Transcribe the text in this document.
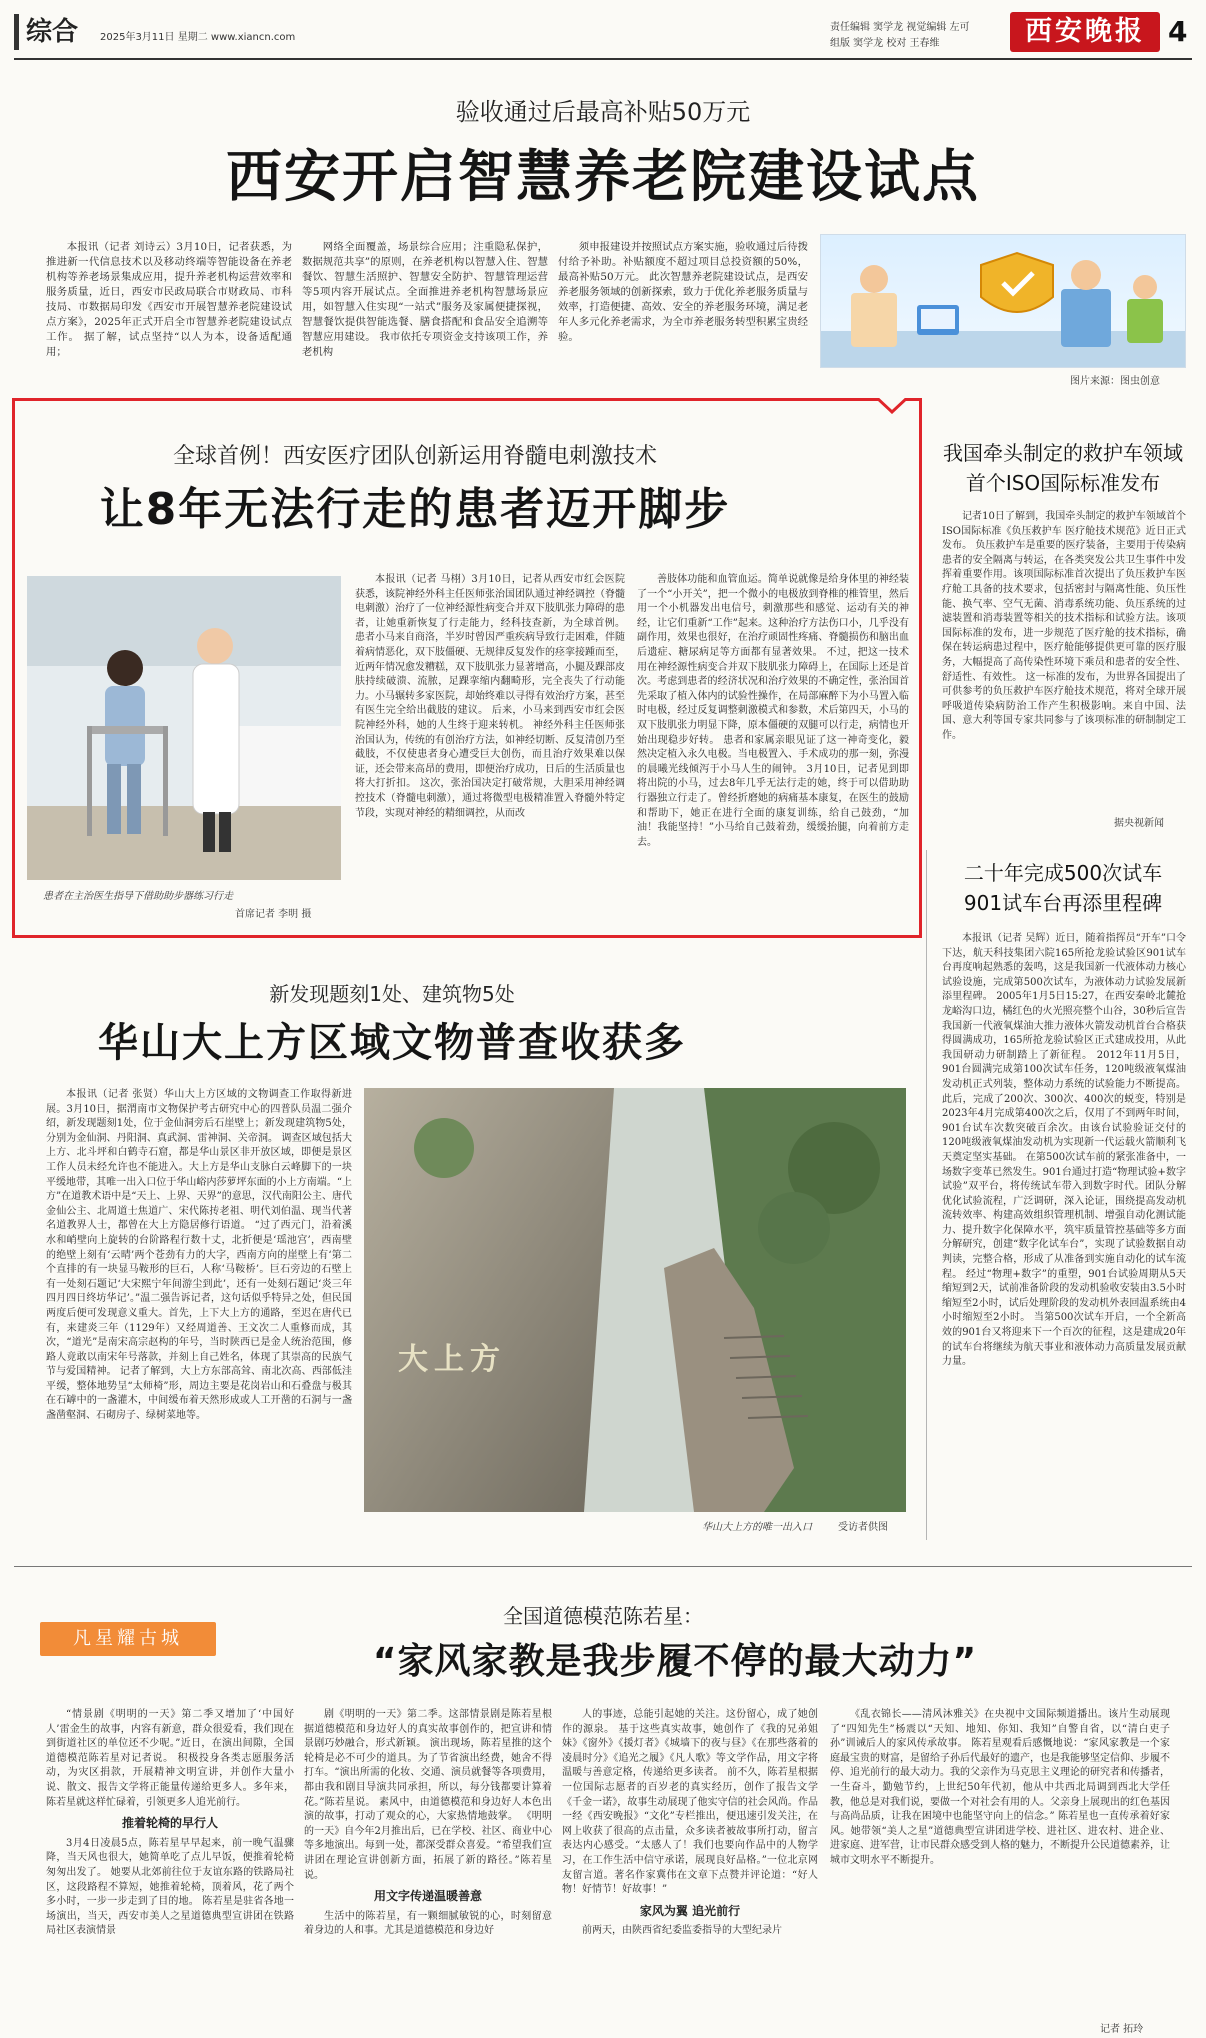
综合 2025年3月11日 星期二 www.xiancn.com
责任编辑 窦学龙 视觉编辑 左可
组版 窦学龙 校对 王春维	西安晚报 4
验收通过后最高补贴50万元
西安开启智慧养老院建设试点

本报讯（记者 刘诗云）3月10日，记者获悉，为推进新一代信息技术以及移动终端等智能设备在养老机构等养老场景集成应用，提升养老机构运营效率和服务质量，近日，西安市民政局联合市财政局、市科技局、市数据局印发《西安市开展智慧养老院建设试点方案》，2025年正式开启全市智慧养老院建设试点工作。 据了解，试点坚持“以人为本，设备适配通用；

网络全面覆盖，场景综合应用；注重隐私保护，数据规范共享”的原则，在养老机构以智慧入住、智慧餐饮、智慧生活照护、智慧安全防护、智慧管理运营等5项内容开展试点。全面推进养老机构智慧场景应用，如智慧入住实现“一站式”服务及家属便捷探视，智慧餐饮提供智能选餐、膳食搭配和食品安全追溯等智慧应用建设。 我市依托专项资金支持该项工作，养老机构

须申报建设并按照试点方案实施，验收通过后待拨付给予补助。补贴额度不超过项目总投资额的50%，最高补贴50万元。 此次智慧养老院建设试点，是西安养老服务领域的创新探索，致力于优化养老服务质量与效率，打造便捷、高效、安全的养老服务环境，满足老年人多元化养老需求，为全市养老服务转型积累宝贵经验。

图片来源：图虫创意
全球首例！西安医疗团队创新运用脊髓电刺激技术
让8年无法行走的患者迈开脚步
患者在主治医生指导下借助助步器练习行走
首席记者 李明 摄

本报讯（记者 马栩）3月10日，记者从西安市红会医院获悉，该院神经外科主任医师张治国团队通过神经调控（脊髓电刺激）治疗了一位神经源性病变合并双下肢肌张力障碍的患者，让她重新恢复了行走能力，经科技查新，为全球首例。 患者小马来自商洛，半岁时曾因严重疾病导致行走困难，伴随着病情恶化，双下肢僵硬、无规律反复发作的痉挛接踵而至，近两年情况愈发糟糕，双下肢肌张力显著增高，小腿及踝部皮肤持续破溃、流脓，足踝挛缩内翻畸形，完全丧失了行动能力。小马辗转多家医院，却始终难以寻得有效治疗方案，甚至有医生完全给出截肢的建议。 后来，小马来到西安市红会医院神经外科，她的人生终于迎来转机。 神经外科主任医师张治国认为，传统的有创治疗方法，如神经切断、反复清创乃至截肢，不仅使患者身心遭受巨大创伤，而且治疗效果难以保证，还会带来高昂的费用，即便治疗成功，日后的生活质量也将大打折扣。 这次，张治国决定打破常规，大胆采用神经调控技术（脊髓电刺激），通过将微型电极精准置入脊髓外特定节段，实现对神经的精细调控，从而改

善肢体功能和血管血运。简单说就像是给身体里的神经装了一个“小开关”，把一个微小的电极放到脊椎的椎管里，然后用一个小机器发出电信号，刺激那些和感觉、运动有关的神经，让它们重新“工作”起来。这种治疗方法伤口小，几乎没有副作用，效果也很好，在治疗顽固性疼痛、脊髓损伤和脑出血后遗症、糖尿病足等方面都有显著效果。 不过，把这一技术用在神经源性病变合并双下肢肌张力障碍上，在国际上还是首次。考虑到患者的经济状况和治疗效果的不确定性，张治国首先采取了植入体内的试验性操作，在局部麻醉下为小马置入临时电极，经过反复调整刺激模式和参数，术后第四天，小马的双下肢肌张力明显下降，原本僵硬的双腿可以行走，病情也开始出现稳步好转。 患者和家属亲眼见证了这一神奇变化，毅然决定植入永久电极。当电极置入、手术成功的那一刻，弥漫的晨曦光线倾泻于小马人生的闹钟。 3月10日，记者见到即将出院的小马，过去8年几乎无法行走的她，终于可以借助助行器独立行走了。曾经折磨她的病痛基本康复，在医生的鼓励和帮助下，她正在进行全面的康复训练，给自己鼓劲，“加油！我能坚持！”小马给自己鼓着劲，缓缓抬腿，向着前方走去。

我国牵头制定的救护车领域首个ISO国际标准发布

记者10日了解到，我国牵头制定的救护车领域首个ISO国际标准《负压救护车 医疗舱技术规范》近日正式发布。 负压救护车是重要的医疗装备，主要用于传染病患者的安全隔离与转运，在各类突发公共卫生事件中发挥着重要作用。该项国际标准首次提出了负压救护车医疗舱工具备的技术要求，包括密封与隔离性能、负压性能、换气率、空气无菌、消毒系统功能、负压系统的过滤装置和消毒装置等相关的技术指标和试验方法。该项国际标准的发布，进一步规范了医疗舱的技术指标，确保在转运病患过程中，医疗舱能够提供更可靠的医疗服务，大幅提高了高传染性环境下乘员和患者的安全性、舒适性、有效性。 这一标准的发布，为世界各国提出了可供参考的负压救护车医疗舱技术规范，将对全球开展呼吸道传染病防治工作产生积极影响。来自中国、法国、意大利等国专家共同参与了该项标准的研制制定工作。

据央视新闻
二十年完成500次试车 901试车台再添里程碑

本报讯（记者 吴辉）近日，随着指挥员“开车”口令下达，航天科技集团六院165所抢龙验试验区901试车台再度响起熟悉的轰鸣，这是我国新一代液体动力核心试验设施，完成第500次试车，为液体动力试验发展新添里程碑。 2005年1月5日15:27，在西安秦岭北麓抢龙峪沟口边，橘红色的火光照亮整个山谷，30秒后宣告我国新一代液氧煤油大推力液体火箭发动机首台合格获得圆满成功，165所抢龙验试验区正式建成投用，从此我国研动力研制踏上了新征程。 2012年11月5日，901台圆满完成第100次试车任务，120吨级液氧煤油发动机正式列装，整体动力系统的试验能力不断提高。此后，完成了200次、300次、400次的蜕变，特别是2023年4月完成第400次之后，仅用了不到两年时间，901台试车次数突破百余次。由该台试验验证交付的120吨级液氧煤油发动机为实现新一代运载火箭顺利飞天奠定坚实基础。 在第500次试车前的紧张准备中，一场数字变革已然发生。901台通过打造“物理试验+数字试验”双平台，将传统试车带入到数字时代。团队分解优化试验流程，广泛调研，深入论证，围绕提高发动机流转效率、构建高效组织管理机制、增强自动化测试能力、提升数字化保障水平，筑牢质量管控基础等多方面分解研究，创建“数字化试车台”，实现了试验数据自动判读，完整合格，形成了从准备到实施自动化的试车流程。 经过“物理+数字”的重塑，901台试验周期从5天缩短到2天，试前准备阶段的发动机验收安装由3.5小时缩短至2小时，试后处理阶段的发动机外表回温系统由4小时缩短至2小时。 当第500次试车开启，一个全新高效的901台又将迎来下一个百次的征程，这是建成20年的试车台将继续为航天事业和液体动力高质量发展贡献力量。

新发现题刻1处、建筑物5处
华山大上方区域文物普查收获多

本报讯（记者 张贤）华山大上方区域的文物调查工作取得新进展。3月10日，据渭南市文物保护考古研究中心的四普队员温二强介绍，新发现题刻1处，位于金仙洞旁后石崖壁上；新发现建筑物5处，分别为金仙洞、丹阳洞、真武洞、雷神洞、关帝洞。 调查区域包括大上方、北斗坪和白鹤寺石窟，都是华山景区非开放区域，即便是景区工作人员未经允许也不能进入。大上方是华山支脉白云峰脚下的一块平缓地带，其唯一出入口位于华山峪内莎萝坪东面的小上方南端。“上方”在道教术语中是“天上、上界、天界”的意思，汉代南阳公主、唐代金仙公主、北周道士焦道广、宋代陈抟老祖、明代刘伯温、现当代著名道教界人士，都曾在大上方隐居修行语道。 “过了西元门，沿着溪水和峭壁向上旋转的台阶路程行数十丈，北折便是‘瑶池宫’，西南壁的绝壁上刻有‘云晴’两个苍劲有力的大字，西南方向的崖壁上有‘第二个直排的有一块显马鞍形的巨石，人称‘马鞍桥’。巨石旁边的石壁上有一处刻石题记‘大宋熙宁年间游尘到此’，还有一处刻石题记‘炎三年四月四日终坊华记’。”温二强告诉记者，这句话似乎特异之处，但民国两度后便可发现意义重大。首先，上下大上方的通路，至迟在唐代已有，来建炎三年（1129年）又经周道善、王文次二人重修而成，其次，“道光”是南宋高宗赵构的年号，当时陕西已是金人统治范围，修路人竟敢以南宋年号落款，并刻上自己姓名，体现了其崇高的民族气节与爱国精神。 记者了解到，大上方东部高耸、南北次高、西部低洼平缓，整体地势呈“太师椅”形，周边主要是花岗岩山和石叠盘与极其在石罅中的一盏灌木，中间缓布着天然形成或人工开凿的石洞与一盏盏凿壑洞、石砌房子、绿树菜地等。

大上方
华山大上方的唯一出入口	受访者供图
凡星耀古城
全国道德模范陈若星：
“家风家教是我步履不停的最大动力”

“情景剧《明明的一天》第二季又增加了‘中国好人’雷金生的故事，内容有新意，群众很爱看，我们现在到街道社区的单位还不少呢。”近日，在演出间隙，全国道德模范陈若星对记者说。 积极投身各类志愿服务活动，为灾区捐款，开展精神文明宣讲，并创作大量小说、散文、报告文学将正能量传递给更多人。多年来，陈若星就这样忙碌着，引领更多人追光前行。

推着轮椅的早行人

3月4日凌晨5点，陈若星早早起来，前一晚气温骤降，当天风也很大，她简单吃了点儿早饭，便推着轮椅匆匆出发了。 她要从北郊前往位于友谊东路的铁路局社区，这段路程不算短，她推着轮椅，顶着风，花了两个多小时，一步一步走到了目的地。 陈若星是驻省各地一场演出，当天，西安市美人之星道德典型宣讲团在铁路局社区表演情景

剧《明明的一天》第二季。这部情景剧是陈若星根据道德模范和身边好人的真实故事创作的，把宣讲和情景剧巧妙融合，形式新颖。 演出现场，陈若星推的这个轮椅是必不可少的道具。为了节省演出经费，她舍不得打车。“演出所需的化妆、交通、演员就餐等各项费用，都由我和剧目导演共同承担，所以，每分钱都要计算着花。”陈若星说。 素风中，由道德模范和身边好人本色出演的故事，打动了观众的心，大家热情地鼓掌。 《明明的一天》自今年2月推出后，已在学校、社区、商业中心等多地演出。每到一处，都深受群众喜爱。“希望我们宣讲团在理论宣讲创新方面，拓展了新的路径。”陈若星说。

用文字传递温暖善意

生活中的陈若星，有一颗细腻敏锐的心，时刻留意着身边的人和事。尤其是道德模范和身边好

人的事迹，总能引起她的关注。这份留心，成了她创作的源泉。 基于这些真实故事，她创作了《我的兄弟姐妹》《窗外》《援灯者》《城墙下的夜与昼》《在那些落着的凌晨时分》《追光之履》《凡人歌》等文学作品，用文字将温暖与善意定格，传递给更多读者。 前不久，陈若星根据一位国际志愿者的百岁老的真实经历，创作了报告文学《千金一诺》，故事生动展现了他实守信的社会风尚。作品一经《西安晚报》“文化”专栏推出，便迅速引发关注，在网上收获了很高的点击量，众多读者被故事所打动，留言表达内心感受。“太感人了！我们也要向作品中的人物学习，在工作生活中信守承诺，展现良好品格。”一位北京网友留言道。著名作家冀伟在文章下点赞并评论道：“好人物！好情节！好故事！”

家风为翼 追光前行

前两天，由陕西省纪委监委指导的大型纪录片

《乱衣锦长——清风沐雅关》在央视中文国际频道播出。该片生动展现了“四知先生”杨震以“天知、地知、你知、我知”自警自省，以“清白吏子孙”训诫后人的家风传承故事。 陈若星观看后感慨地说：“家风家教是一个家庭最宝贵的财富，是留给子孙后代最好的遗产，也是我能够坚定信仰、步履不停、追光前行的最大动力。我的父亲作为马克思主义理论的研究者和传播者，一生奋斗，勤勉节约，上世纪50年代初，他从中共西北局调到西北大学任教，他总是对我们说，要做一个对社会有用的人。父亲身上展现出的红色基因与高尚品质，让我在困境中也能坚守向上的信念。” 陈若星也一直传承着好家风。她带领“美人之星”道德典型宣讲团进学校、进社区、进农村、进企业、进家庭、进军营，让市民群众感受到人格的魅力，不断提升公民道德素养，让城市文明水平不断提升。

记者 拓玲
